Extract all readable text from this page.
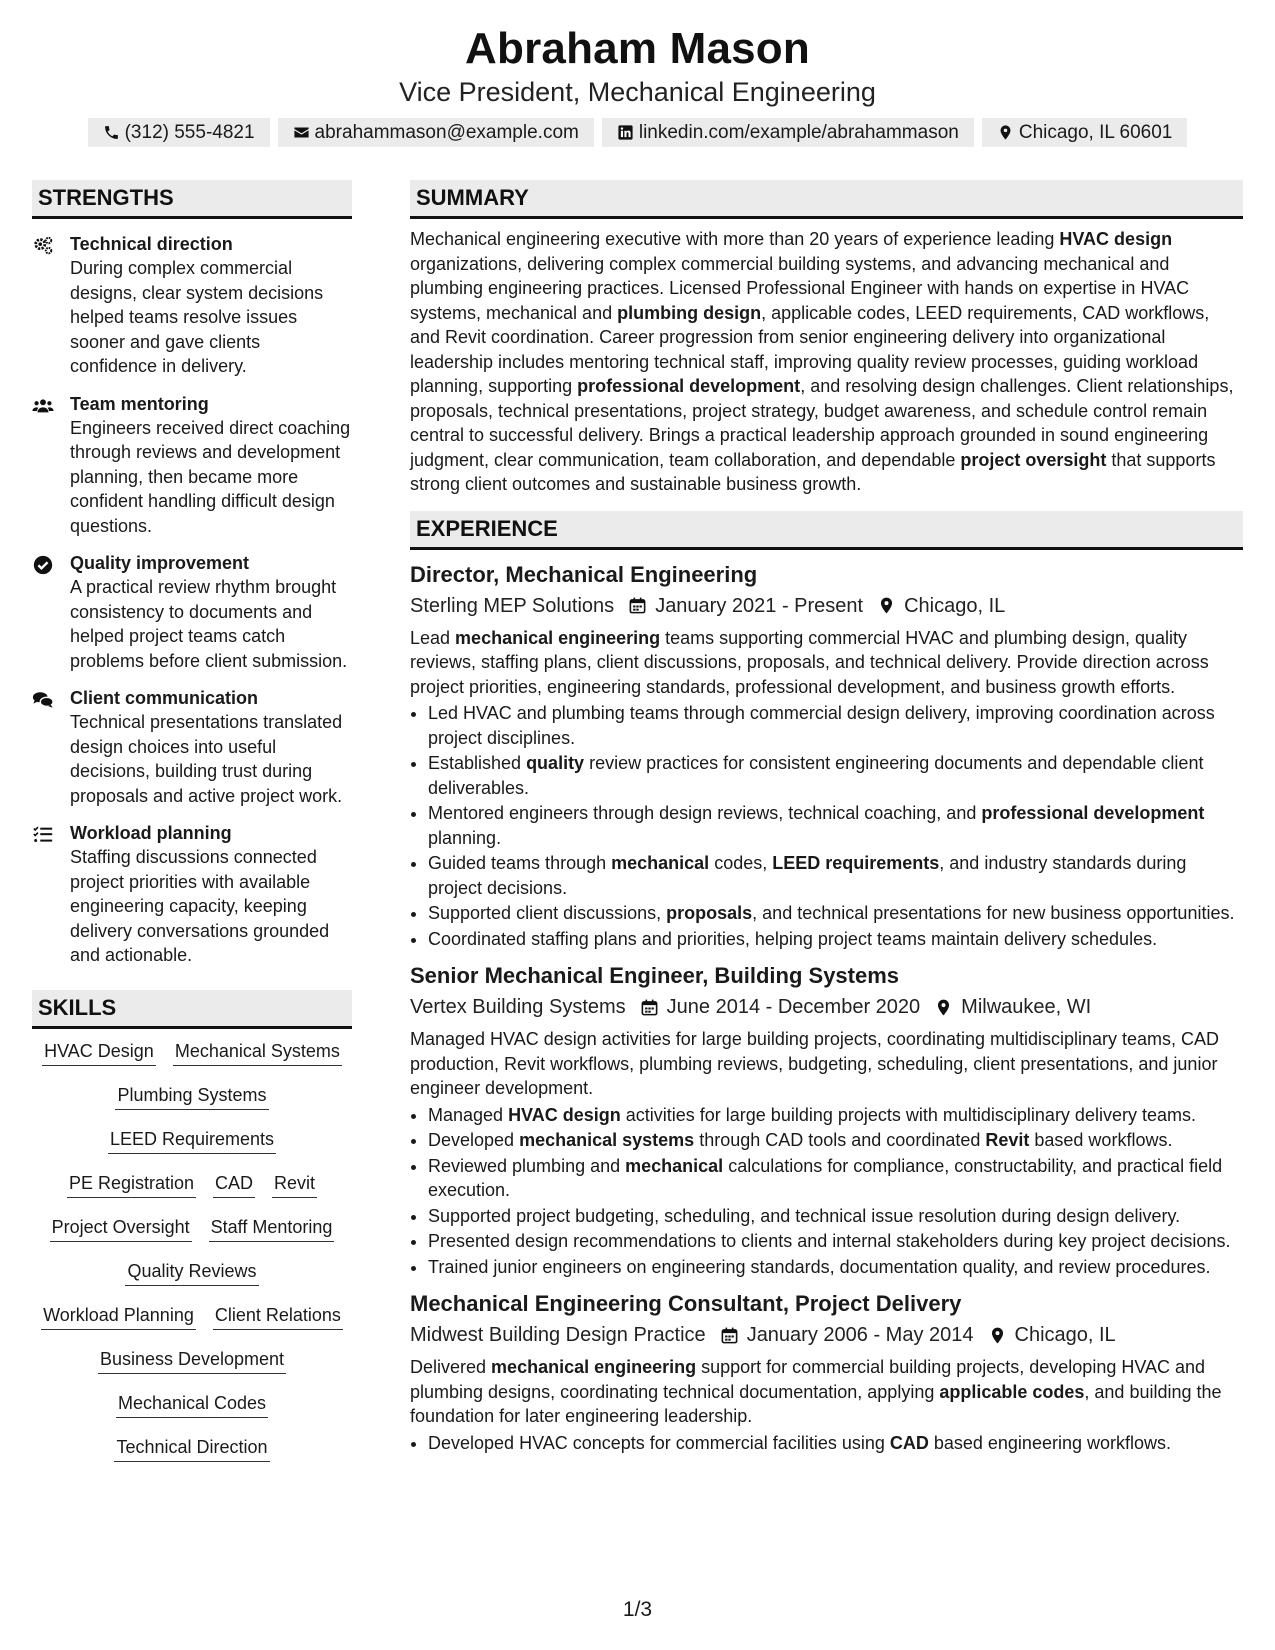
Abraham Mason
Vice President, Mechanical Engineering
(312) 555-4821	abrahammason@example.com	linkedin.com/example/abrahammason	Chicago, IL 60601
STRENGTHS
Technical direction
During complex commercial designs, clear system decisions helped teams resolve issues sooner and gave clients confidence in delivery.
Team mentoring
Engineers received direct coaching through reviews and development planning, then became more confident handling difficult design questions.
Quality improvement
A practical review rhythm brought consistency to documents and helped project teams catch problems before client submission.
Client communication
Technical presentations translated design choices into useful decisions, building trust during proposals and active project work.
Workload planning
Staffing discussions connected project priorities with available engineering capacity, keeping delivery conversations grounded and actionable.
SKILLS
HVAC Design Mechanical Systems
Plumbing Systems
LEED Requirements
PE Registration CAD Revit
Project Oversight Staff Mentoring
Quality Reviews
Workload Planning Client Relations
Business Development
Mechanical Codes
Technical Direction
SUMMARY
Mechanical engineering executive with more than 20 years of experience leading HVAC design organizations, delivering complex commercial building systems, and advancing mechanical and plumbing engineering practices. Licensed Professional Engineer with hands on expertise in HVAC systems, mechanical and plumbing design, applicable codes, LEED requirements, CAD workflows, and Revit coordination. Career progression from senior engineering delivery into organizational leadership includes mentoring technical staff, improving quality review processes, guiding workload planning, supporting professional development, and resolving design challenges. Client relationships, proposals, technical presentations, project strategy, budget awareness, and schedule control remain central to successful delivery. Brings a practical leadership approach grounded in sound engineering judgment, clear communication, team collaboration, and dependable project oversight that supports strong client outcomes and sustainable business growth.
EXPERIENCE
Director, Mechanical Engineering
Sterling MEP Solutions January 2021 - Present Chicago, IL
Lead mechanical engineering teams supporting commercial HVAC and plumbing design, quality reviews, staffing plans, client discussions, proposals, and technical delivery. Provide direction across project priorities, engineering standards, professional development, and business growth efforts.
• Led HVAC and plumbing teams through commercial design delivery, improving coordination across project disciplines.
• Established quality review practices for consistent engineering documents and dependable client deliverables.
• Mentored engineers through design reviews, technical coaching, and professional development planning.
• Guided teams through mechanical codes, LEED requirements, and industry standards during project decisions.
• Supported client discussions, proposals, and technical presentations for new business opportunities.
• Coordinated staffing plans and priorities, helping project teams maintain delivery schedules.
Senior Mechanical Engineer, Building Systems
Vertex Building Systems June 2014 - December 2020 Milwaukee, WI
Managed HVAC design activities for large building projects, coordinating multidisciplinary teams, CAD production, Revit workflows, plumbing reviews, budgeting, scheduling, client presentations, and junior engineer development.
• Managed HVAC design activities for large building projects with multidisciplinary delivery teams.
• Developed mechanical systems through CAD tools and coordinated Revit based workflows.
• Reviewed plumbing and mechanical calculations for compliance, constructability, and practical field execution.
• Supported project budgeting, scheduling, and technical issue resolution during design delivery.
• Presented design recommendations to clients and internal stakeholders during key project decisions.
• Trained junior engineers on engineering standards, documentation quality, and review procedures.
Mechanical Engineering Consultant, Project Delivery
Midwest Building Design Practice January 2006 - May 2014 Chicago, IL
Delivered mechanical engineering support for commercial building projects, developing HVAC and plumbing designs, coordinating technical documentation, applying applicable codes, and building the foundation for later engineering leadership.
• Developed HVAC concepts for commercial facilities using CAD based engineering workflows.
1/3
